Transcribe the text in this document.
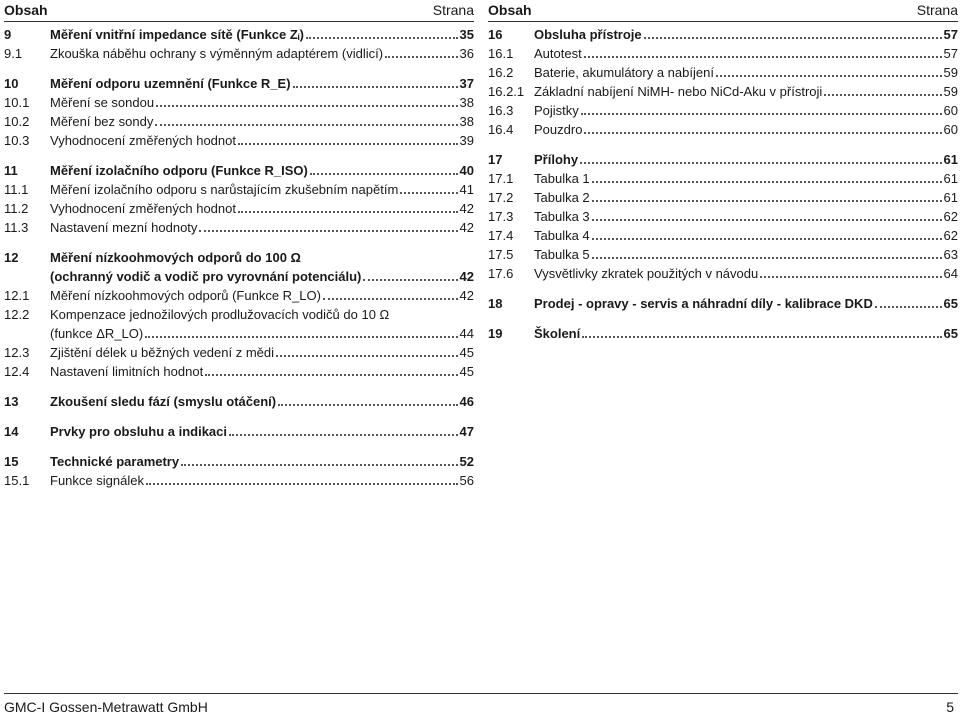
Obsah	Strana
9	Měření vnitřní impedance sítě (Funkce Zᵢ)	35
9.1	Zkouška náběhu ochrany s výměnným adaptérem (vidlicí)	36
10	Měření odporu uzemnění (Funkce R_E)	37
10.1	Měření se sondou	38
10.2	Měření bez sondy	38
10.3	Vyhodnocení změřených hodnot	39
11	Měření izolačního odporu (Funkce R_ISO)	40
11.1	Měření izolačního odporu s narůstajícím zkušebním napětím	41
11.2	Vyhodnocení změřených hodnot	42
11.3	Nastavení mezní hodnoty	42
12	Měření nízkoohmových odporů do 100 Ω
(ochranný vodič a vodič pro vyrovnání potenciálu)	42
12.1	Měření nízkoohmových odporů (Funkce R_LO)	42
12.2	Kompenzace jednožilových prodlužovacích vodičů do 10 Ω
(funkce ΔR_LO)	44
12.3	Zjištění délek u běžných vedení z mědi	45
12.4	Nastavení limitních hodnot	45
13	Zkoušení sledu fází (smyslu otáčení)	46
14	Prvky pro obsluhu a indikaci	47
15	Technické parametry	52
15.1	Funkce signálek	56
Obsah	Strana
16	Obsluha přístroje	57
16.1	Autotest	57
16.2	Baterie, akumulátory a nabíjení	59
16.2.1 Základní nabíjení NiMH- nebo NiCd-Aku v přístroji	59
16.3	Pojistky	60
16.4	Pouzdro	60
17	Přílohy	61
17.1	Tabulka 1	61
17.2	Tabulka 2	61
17.3	Tabulka 3	62
17.4	Tabulka 4	62
17.5	Tabulka 5	63
17.6	Vysvětlivky zkratek použitých v návodu	64
18	Prodej - opravy - servis a náhradní díly - kalibrace DKD	65
19	Školení	65
GMC-I Gossen-Metrawatt GmbH	5
